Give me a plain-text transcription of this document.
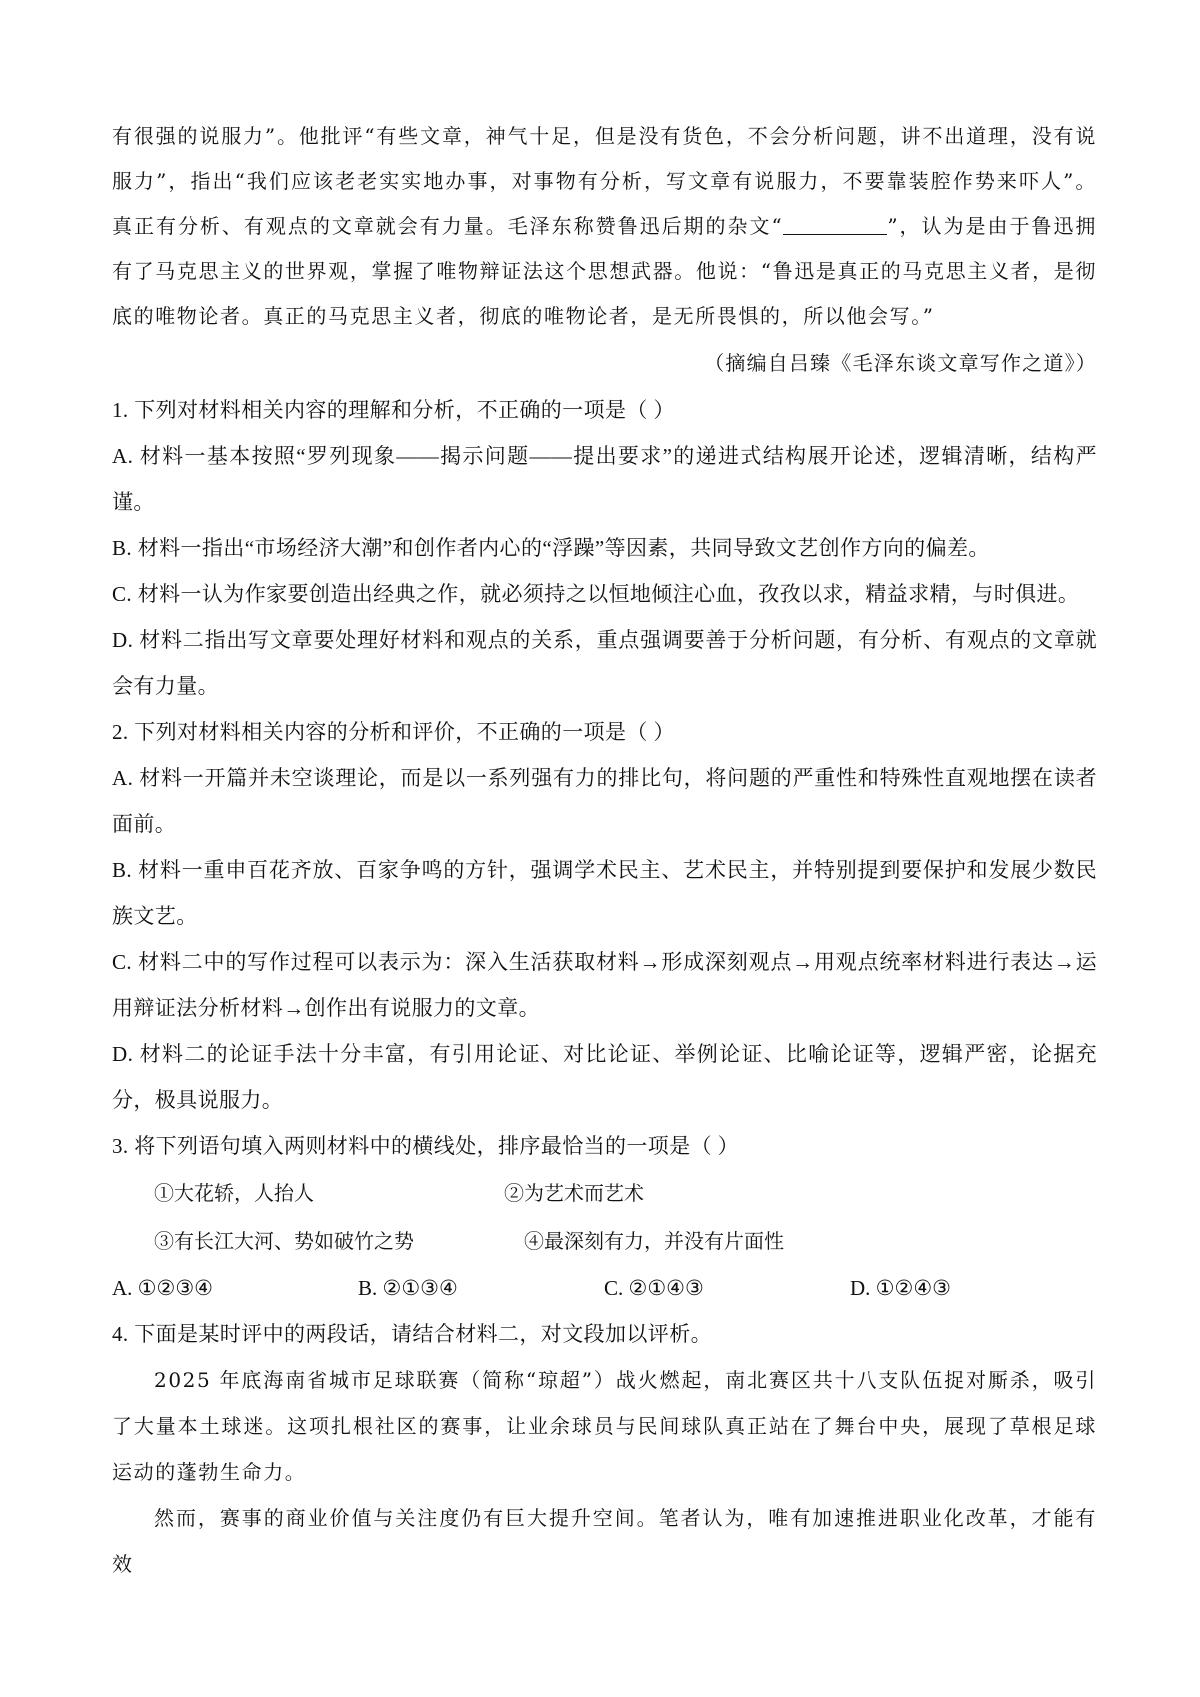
有很强的说服力”。他批评“有些文章，神气十足，但是没有货色，不会分析问题，讲不出道理，没有说服力”，指出“我们应该老老实实地办事，对事物有分析，写文章有说服力，不要靠装腔作势来吓人”。真正有分析、有观点的文章就会有力量。毛泽东称赞鲁迅后期的杂文“	”，认为是由于鲁迅拥有了马克思主义的世界观，掌握了唯物辩证法这个思想武器。他说：“鲁迅是真正的马克思主义者，是彻底的唯物论者。真正的马克思主义者，彻底的唯物论者，是无所畏惧的，所以他会写。”

（摘编自吕臻《毛泽东谈文章写作之道》）

1. 下列对材料相关内容的理解和分析，不正确的一项是（ ）

A. 材料一基本按照“罗列现象——揭示问题——提出要求”的递进式结构展开论述，逻辑清晰，结构严谨。

B. 材料一指出“市场经济大潮”和创作者内心的“浮躁”等因素，共同导致文艺创作方向的偏差。

C. 材料一认为作家要创造出经典之作，就必须持之以恒地倾注心血，孜孜以求，精益求精，与时俱进。

D. 材料二指出写文章要处理好材料和观点的关系，重点强调要善于分析问题，有分析、有观点的文章就会有力量。

2. 下列对材料相关内容的分析和评价，不正确的一项是（ ）

A. 材料一开篇并未空谈理论，而是以一系列强有力的排比句，将问题的严重性和特殊性直观地摆在读者面前。

B. 材料一重申百花齐放、百家争鸣的方针，强调学术民主、艺术民主，并特别提到要保护和发展少数民族文艺。

C. 材料二中的写作过程可以表示为：深入生活获取材料→形成深刻观点→用观点统率材料进行表达→运用辩证法分析材料→创作出有说服力的文章。

D. 材料二的论证手法十分丰富，有引用论证、对比论证、举例论证、比喻论证等，逻辑严密，论据充分，极具说服力。

3. 将下列语句填入两则材料中的横线处，排序最恰当的一项是（ ）

①大花轿，人抬人	②为艺术而艺术
③有长江大河、势如破竹之势	④最深刻有力，并没有片面性
A. ①②③④	B. ②①③④	C. ②①④③	D. ①②④③

4. 下面是某时评中的两段话，请结合材料二，对文段加以评析。

2025 年底海南省城市足球联赛（简称“琼超”）战火燃起，南北赛区共十八支队伍捉对厮杀，吸引了大量本土球迷。这项扎根社区的赛事，让业余球员与民间球队真正站在了舞台中央，展现了草根足球运动的蓬勃生命力。

然而，赛事的商业价值与关注度仍有巨大提升空间。笔者认为，唯有加速推进职业化改革，才能有效
